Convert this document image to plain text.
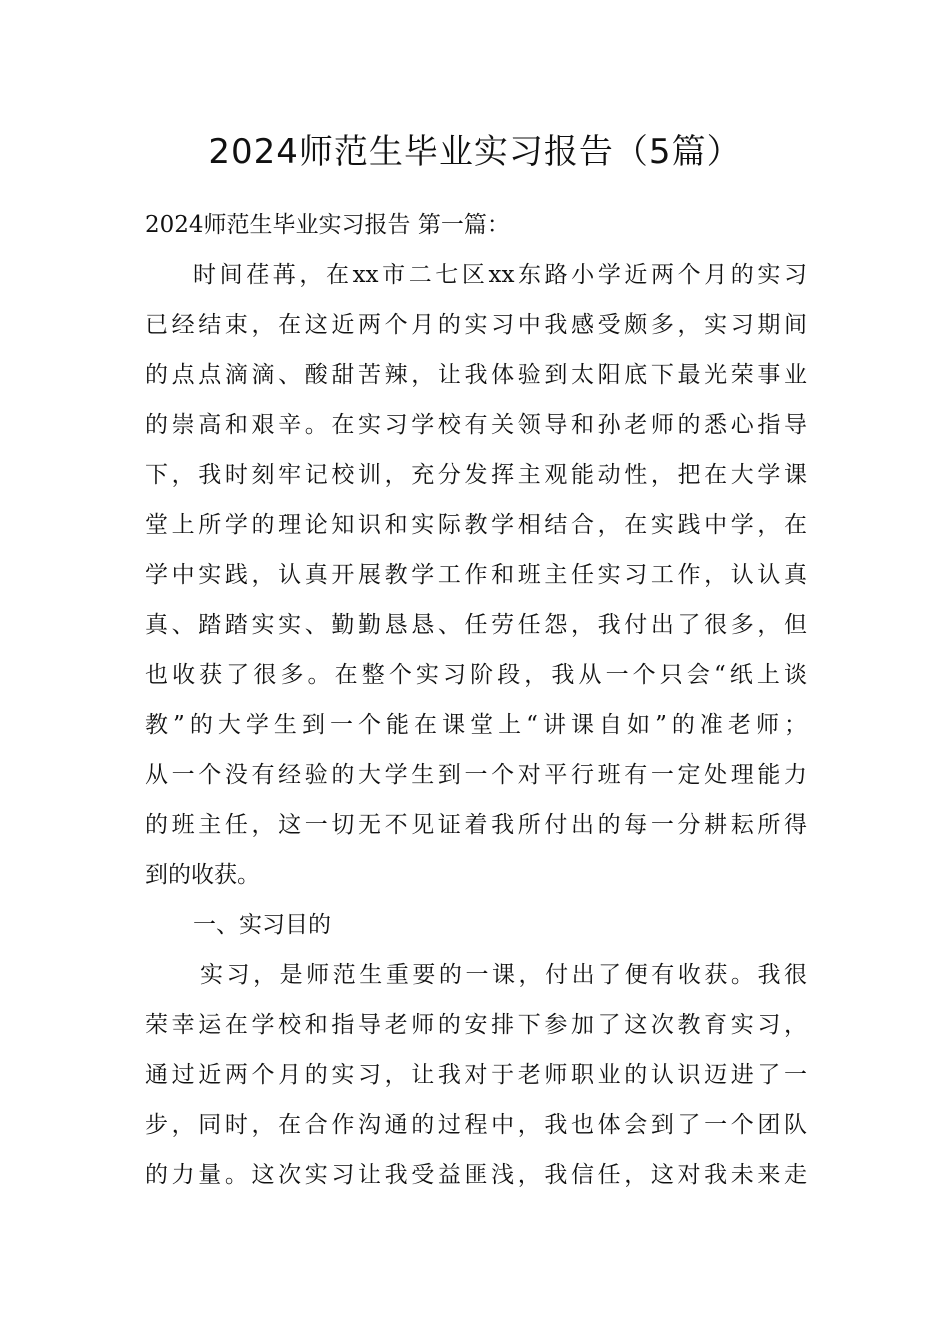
2024师范生毕业实习报告（5篇）
2024师范生毕业实习报告 第一篇：
时间荏苒，在xx市二七区xx东路小学近两个月的实习
已经结束，在这近两个月的实习中我感受颇多，实习期间
的点点滴滴、酸甜苦辣，让我体验到太阳底下最光荣事业
的崇高和艰辛。在实习学校有关领导和孙老师的悉心指导
下，我时刻牢记校训，充分发挥主观能动性，把在大学课
堂上所学的理论知识和实际教学相结合，在实践中学，在
学中实践，认真开展教学工作和班主任实习工作，认认真
真、踏踏实实、勤勤恳恳、任劳任怨，我付出了很多，但
也收获了很多。在整个实习阶段，我从一个只会“纸上谈
教”的大学生到一个能在课堂上“讲课自如”的准老师；
从一个没有经验的大学生到一个对平行班有一定处理能力
的班主任，这一切无不见证着我所付出的每一分耕耘所得
到的收获。
一、实习目的
实习，是师范生重要的一课，付出了便有收获。我很
荣幸运在学校和指导老师的安排下参加了这次教育实习，
通过近两个月的实习，让我对于老师职业的认识迈进了一
步，同时，在合作沟通的过程中，我也体会到了一个团队
的力量。这次实习让我受益匪浅，我信任，这对我未来走
